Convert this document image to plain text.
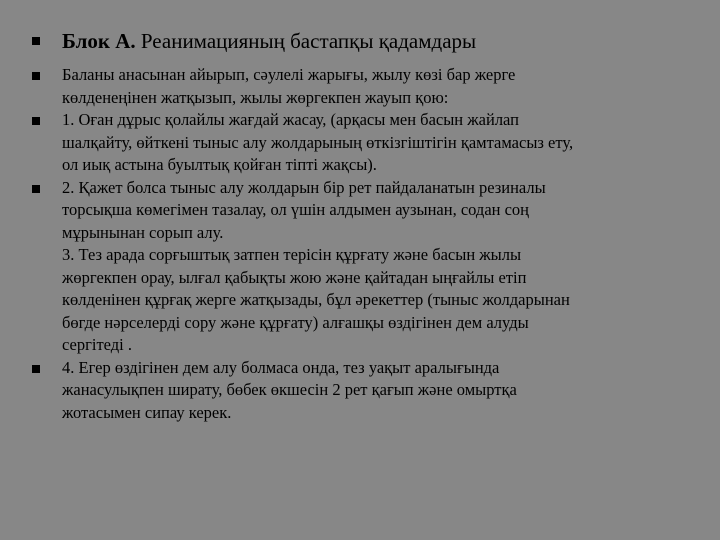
Блок А. Реанимацияның бастапқы қадамдары
Баланы анасынан айырып, сәулелі жарығы, жылу көзі бар жерге
көлденеңінен жатқызып, жылы жөргекпен жауып қою:
1. Оған дұрыс қолайлы жағдай жасау, (арқасы мен басын жайлап
шалқайту, өйткені тыныс алу жолдарының өткізгіштігін қамтамасыз ету,
ол иық астына буылтық қойған тіпті жақсы).
2. Қажет болса тыныс алу жолдарын бір рет пайдаланатын резиналы
торсықша көмегімен тазалау, ол үшін алдымен аузынан, содан соң
мұрынынан сорып алу.
3. Тез арада сорғыштық затпен терісін құрғату және басын жылы
жөргекпен орау, ылғал қабықты жою және қайтадан ыңғайлы етіп
көлденінен құрғақ жерге жатқызады, бұл әрекеттер (тыныс жолдарынан
бөгде нәрселерді сору және құрғату) алғашқы өздігінен дем алуды
сергітеді .
4. Егер өздігінен дем алу болмаса онда, тез уақыт аралығында
жанасулықпен ширату, бөбек өкшесін 2 рет қағып және омыртқа
жотасымен сипау керек.
